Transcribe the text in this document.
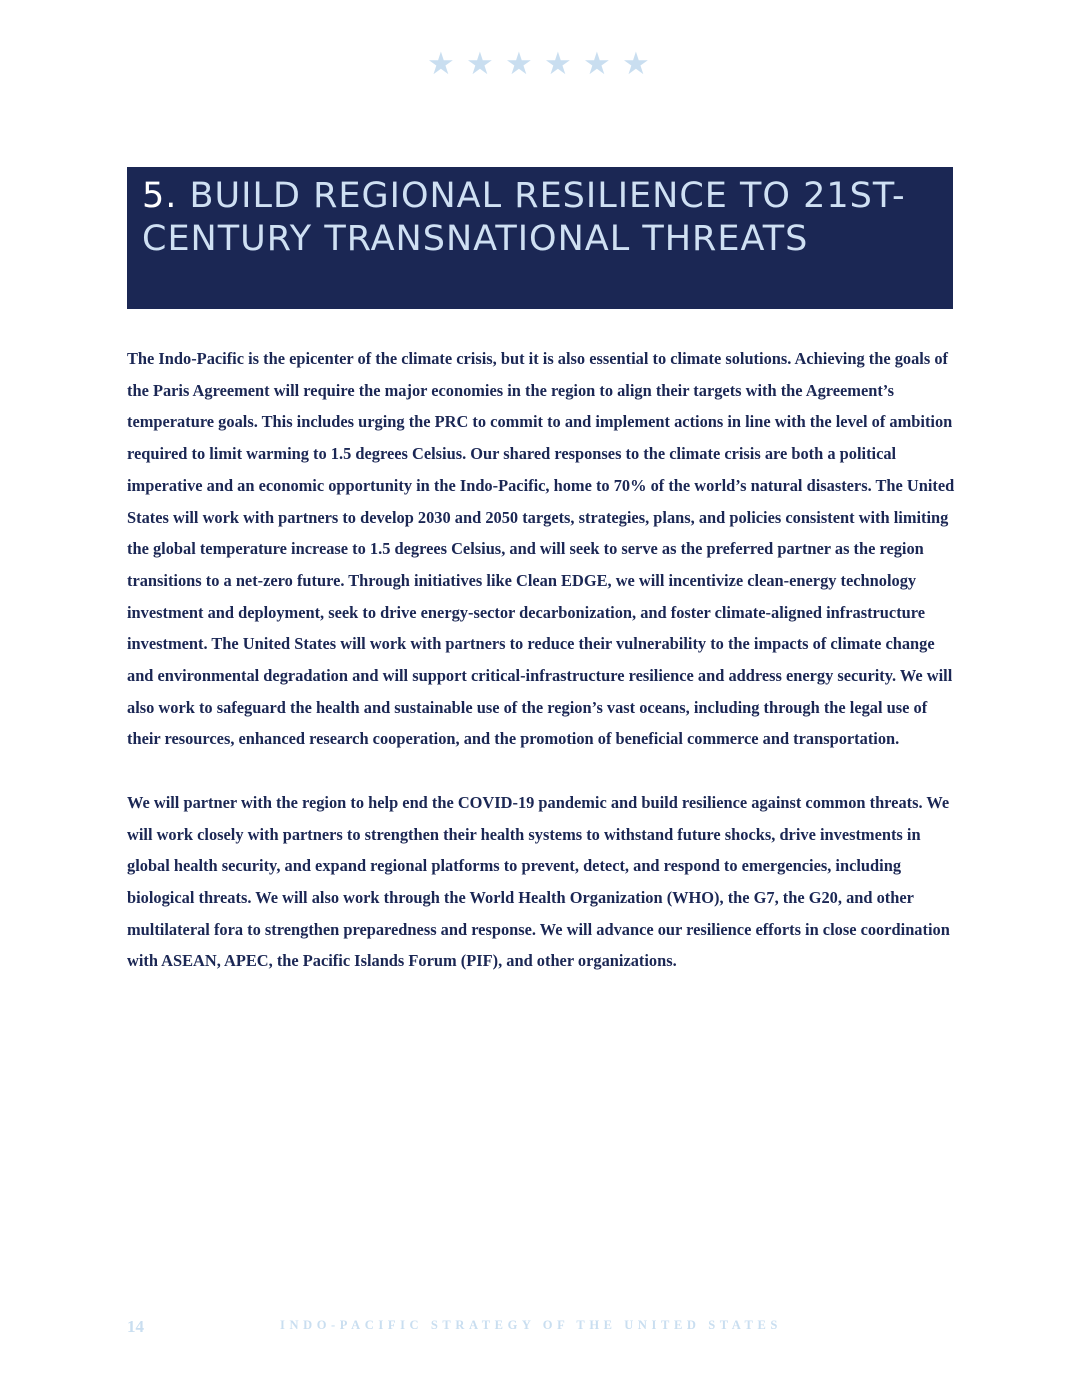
★ ★ ★ ★ ★ ★
5. BUILD REGIONAL RESILIENCE TO 21ST-CENTURY TRANSNATIONAL THREATS

The Indo-Pacific is the epicenter of the climate crisis, but it is also essential to climate solutions. Achieving the goals of the Paris Agreement will require the major economies in the region to align their targets with the Agreement’s temperature goals. This includes urging the PRC to commit to and implement actions in line with the level of ambition required to limit warming to 1.5 degrees Celsius. Our shared responses to the climate crisis are both a political imperative and an economic opportunity in the Indo-Pacific, home to 70% of the world’s natural disasters. The United States will work with partners to develop 2030 and 2050 targets, strategies, plans, and policies consistent with limiting the global temperature increase to 1.5 degrees Celsius, and will seek to serve as the preferred partner as the region transitions to a net-zero future. Through initiatives like Clean EDGE, we will incentivize clean-energy technology investment and deployment, seek to drive energy-sector decarbonization, and foster climate-aligned infrastructure investment. The United States will work with partners to reduce their vulnerability to the impacts of climate change and environmental degradation and will support critical-infrastructure resilience and address energy security. We will also work to safeguard the health and sustainable use of the region’s vast oceans, including through the legal use of their resources, enhanced research cooperation, and the promotion of beneficial commerce and transportation.

We will partner with the region to help end the COVID-19 pandemic and build resilience against common threats. We will work closely with partners to strengthen their health systems to withstand future shocks, drive investments in global health security, and expand regional platforms to prevent, detect, and respond to emergencies, including biological threats. We will also work through the World Health Organization (WHO), the G7, the G20, and other multilateral fora to strengthen preparedness and response. We will advance our resilience efforts in close coordination with ASEAN, APEC, the Pacific Islands Forum (PIF), and other organizations.

14	INDO-PACIFIC STRATEGY OF THE UNITED STATES
